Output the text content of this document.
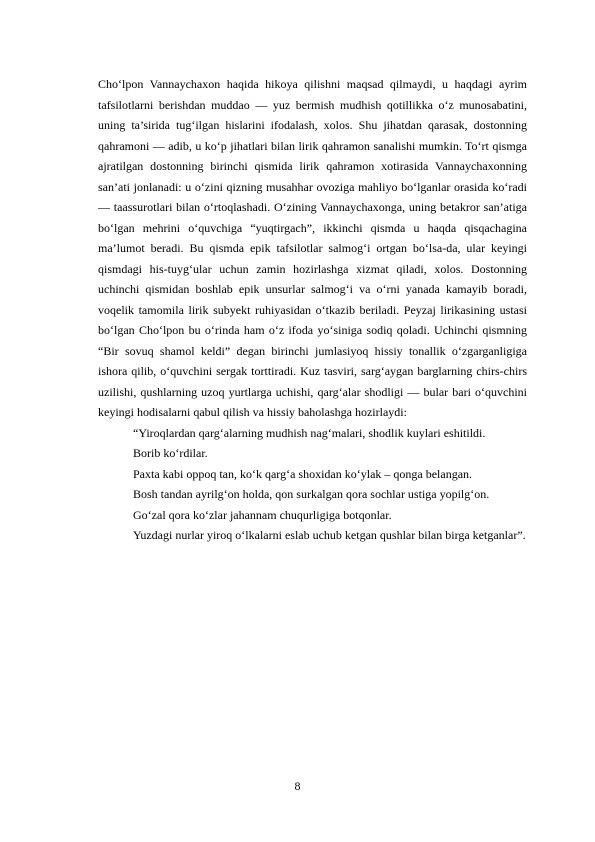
Cho‘lpon Vannaychaxon haqida hikoya qilishni maqsad qilmaydi, u haqdagi ayrim tafsilotlarni berishdan muddao — yuz bermish mudhish qotillikka o‘z munosabatini, uning ta’sirida tug‘ilgan hislarini ifodalash, xolos. Shu jihatdan qarasak, dostonning qahramoni — adib, u ko‘p jihatlari bilan lirik qahramon sanalishi mumkin. To‘rt qismga ajratilgan dostonning birinchi qismida lirik qahramon xotirasida Vannaychaxonning san’ati jonlanadi: u o‘zini qizning musahhar ovoziga mahliyo bo‘lganlar orasida ko‘radi — taassurotlari bilan o‘rtoqlashadi. O‘zining Vannaychaxonga, uning betakror san’atiga bo‘lgan mehrini o‘quvchiga “yuqtirgach”, ikkinchi qismda u haqda qisqachagina ma’lumot beradi. Bu qismda epik tafsilotlar salmog‘i ortgan bo‘lsa-da, ular keyingi qismdagi his-tuyg‘ular uchun zamin hozirlashga xizmat qiladi, xolos. Dostonning uchinchi qismidan boshlab epik unsurlar salmog‘i va o‘rni yanada kamayib boradi, voqelik tamomila lirik subyekt ruhiyasidan o‘tkazib beriladi. Peyzaj lirikasining ustasi bo‘lgan Cho‘lpon bu o‘rinda ham o‘z ifoda yo‘siniga sodiq qoladi. Uchinchi qismning “Bir sovuq shamol keldi” degan birinchi jumlasiyoq hissiy tonallik o‘zgarganligiga ishora qilib, o‘quvchini sergak torttiradi. Kuz tasviri, sarg‘aygan barglarning chirs-chirs uzilishi, qushlarning uzoq yurtlarga uchishi, qarg‘alar shodligi — bular bari o‘quvchini keyingi hodisalarni qabul qilish va hissiy baholashga hozirlaydi:

“Yiroqlardan qarg‘alarning mudhish nag‘malari, shodlik kuylari eshitildi.

Borib ko‘rdilar.

Paxta kabi oppoq tan, ko‘k qarg‘a shoxidan ko‘ylak – qonga belangan.

Bosh tandan ayrilg‘on holda, qon surkalgan qora sochlar ustiga yopilg‘on.

Go‘zal qora ko‘zlar jahannam chuqurligiga botqonlar.

Yuzdagi nurlar yiroq o‘lkalarni eslab uchub ketgan qushlar bilan birga ketganlar”.

8
